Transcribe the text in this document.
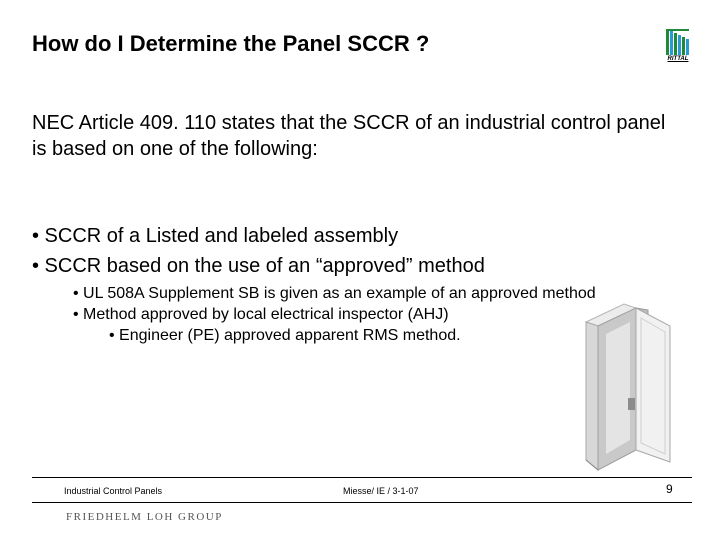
How do I Determine the Panel SCCR ?
RITTAL
NEC Article 409. 110 states that the SCCR of an industrial control panel is based on one of the following:
• SCCR of a Listed and labeled assembly
• SCCR based on the use of an “approved” method
• UL 508A Supplement SB is given as an example of an approved method
• Method approved by local electrical inspector (AHJ)
• Engineer (PE) approved apparent RMS method.
Industrial Control Panels	Miesse/ IE / 3-1-07	9
FRIEDHELM LOH GROUP
